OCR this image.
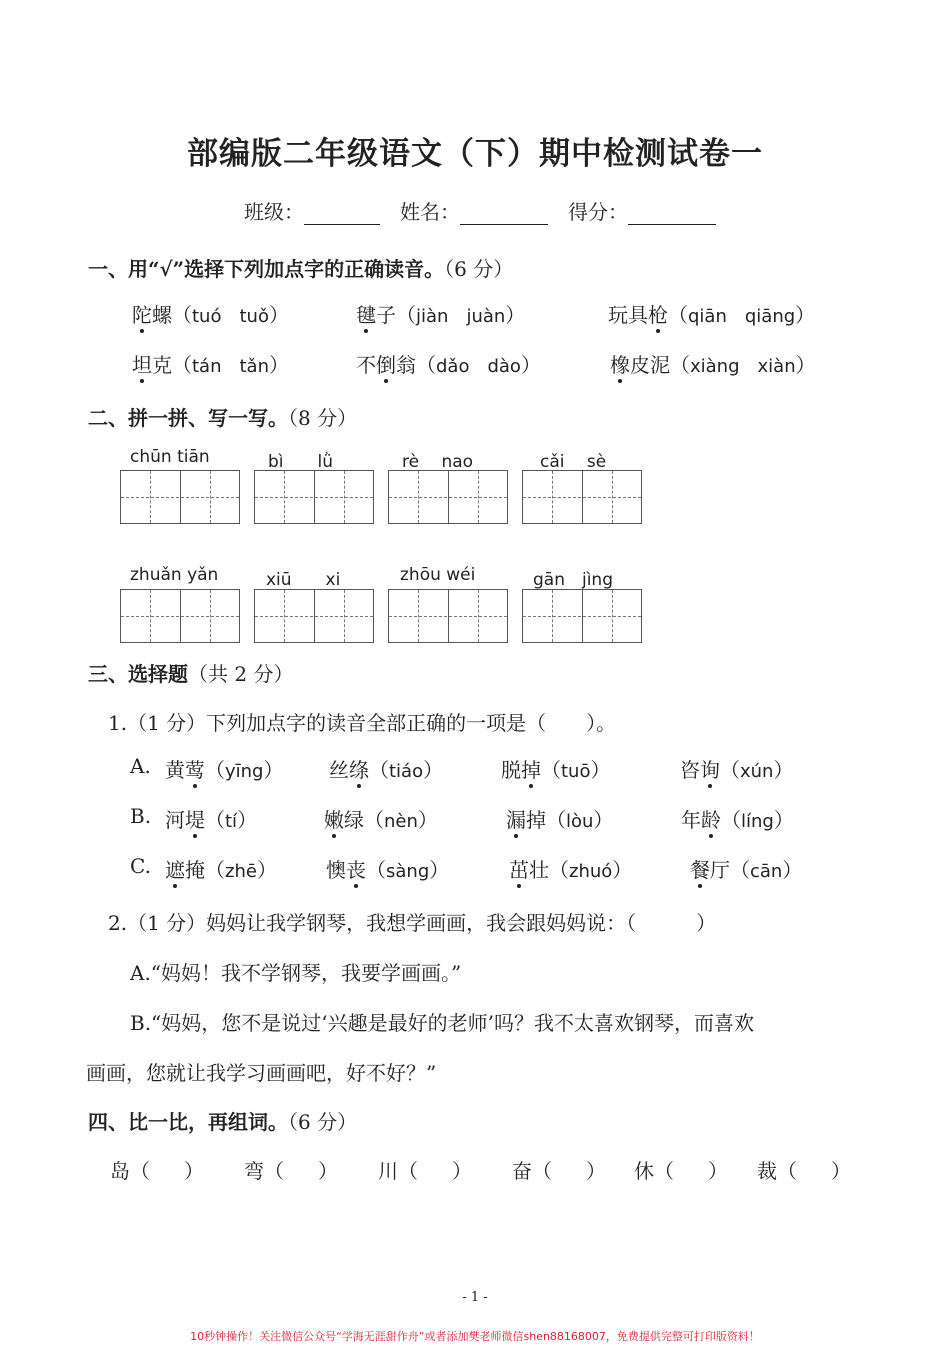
部编版二年级语文（下）期中检测试卷一
班级：	姓名：	得分：
一、用“√”选择下列加点字的正确读音。（6 分）
陀螺（tuó　tuǒ）	毽子（jiàn　juàn）	玩具枪（qiān　qiāng）
坦克（tán　tǎn）	不倒翁（dǎo　dào）	橡皮泥（xiàng　xiàn）
二、拼一拼、写一写。（8 分）
chūn tiān	bì　　lǜ	rè　 nao	cǎi　 sè
zhuǎn yǎn	xiū　　xi	zhōu wéi	gān　jìng
三、选择题（共 2 分）
1.（1 分）下列加点字的读音全部正确的一项是（　　）。
A. 黄莺（yīng） 丝绦（tiáo）	脱掉（tuō）	咨询（xún）
B. 河堤（tí）	嫩绿（nèn）	漏掉（lòu）	年龄（líng）
C. 遮掩（zhē） 懊丧（sàng）	茁壮（zhuó）	餐厅（cān）
2.（1 分）妈妈让我学钢琴，我想学画画，我会跟妈妈说：（　　　）
A.“妈妈！我不学钢琴，我要学画画。”
B.“妈妈，您不是说过‘兴趣是最好的老师’吗？我不太喜欢钢琴，而喜欢
画画，您就让我学习画画吧，好不好？”
四、比一比，再组词。（6 分）
岛（ ） 弯（ ） 川（ ） 奋（ ） 休（ ） 裁（ ）
- 1 -
10秒钟操作！关注微信公众号“学海无涯甜作舟”或者添加樊老师微信shen88168007，免费提供完整可打印版资料！
